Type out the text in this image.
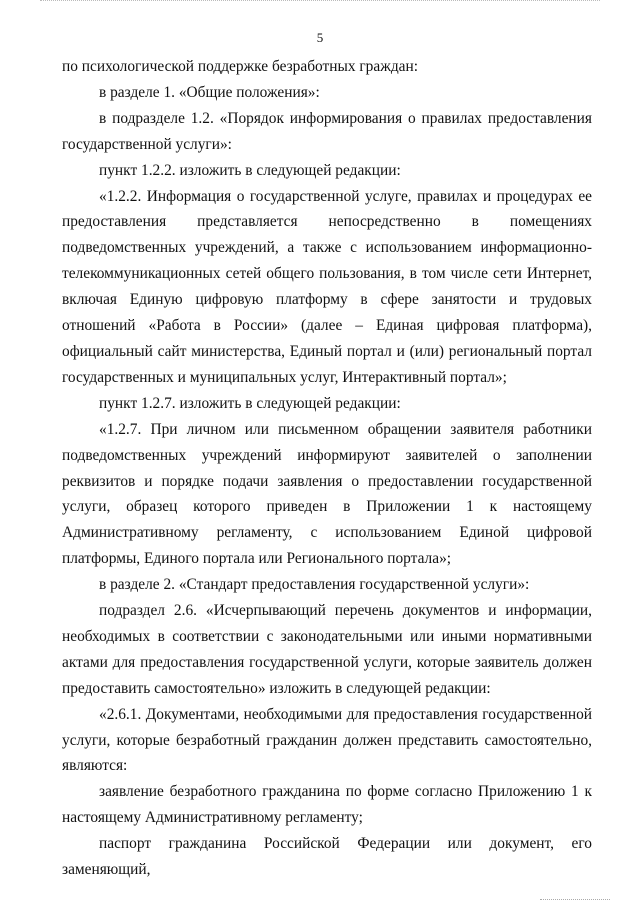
5

по психологической поддержке безработных граждан:

в разделе 1. «Общие положения»:

в подразделе 1.2. «Порядок информирования о правилах предоставления государственной услуги»:

пункт 1.2.2. изложить в следующей редакции:

«1.2.2. Информация о государственной услуге, правилах и процедурах ее предоставления представляется непосредственно в помещениях подведомственных учреждений, а также с использованием информационно-телекоммуникационных сетей общего пользования, в том числе сети Интернет, включая Единую цифровую платформу в сфере занятости и трудовых отношений «Работа в России» (далее – Единая цифровая платформа), официальный сайт министерства, Единый портал и (или) региональный портал государственных и муниципальных услуг, Интерактивный портал»;

пункт 1.2.7. изложить в следующей редакции:

«1.2.7. При личном или письменном обращении заявителя работники подведомственных учреждений информируют заявителей о заполнении реквизитов и порядке подачи заявления о предоставлении государственной услуги, образец которого приведен в Приложении 1 к настоящему Административному регламенту, с использованием Единой цифровой платформы, Единого портала или Регионального портала»;

в разделе 2. «Стандарт предоставления государственной услуги»:

подраздел 2.6. «Исчерпывающий перечень документов и информации, необходимых в соответствии с законодательными или иными нормативными актами для предоставления государственной услуги, которые заявитель должен предоставить самостоятельно» изложить в следующей редакции:

«2.6.1. Документами, необходимыми для предоставления государственной услуги, которые безработный гражданин должен представить самостоятельно, являются:

заявление безработного гражданина по форме согласно Приложению 1 к настоящему Административному регламенту;

паспорт гражданина Российской Федерации или документ, его заменяющий,
